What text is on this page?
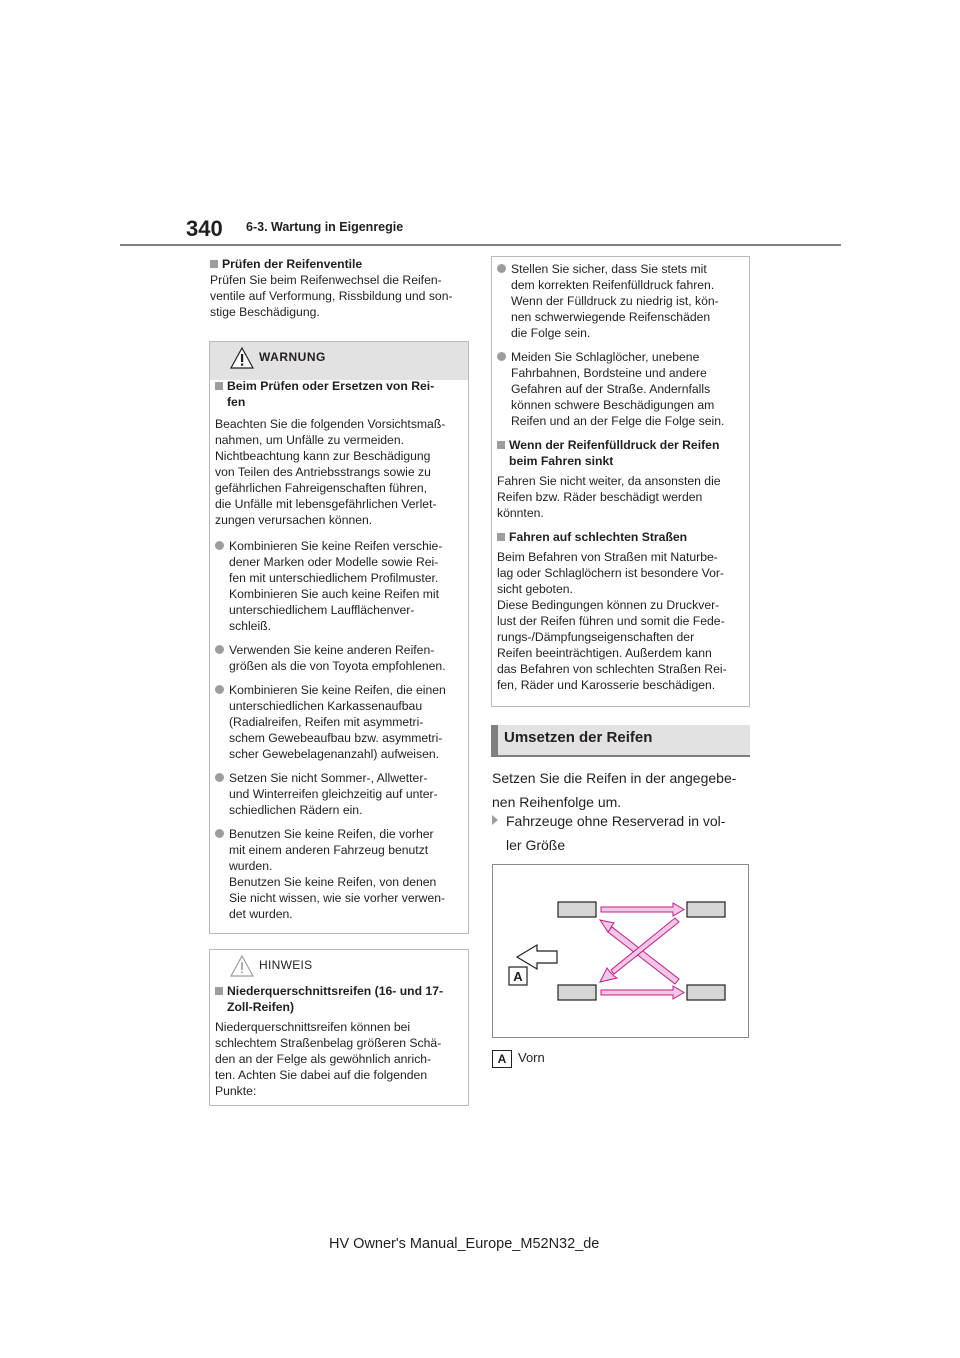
340 6-3. Wartung in Eigenregie
Prüfen der Reifenventile
Prüfen Sie beim Reifenwechsel die Reifen-
ventile auf Verformung, Rissbildung und son-
stige Beschädigung.
WARNUNG
Beim Prüfen oder Ersetzen von Rei-
fen
Beachten Sie die folgenden Vorsichtsmaß-
nahmen, um Unfälle zu vermeiden.
Nichtbeachtung kann zur Beschädigung
von Teilen des Antriebsstrangs sowie zu
gefährlichen Fahreigenschaften führen,
die Unfälle mit lebensgefährlichen Verlet-
zungen verursachen können.
Kombinieren Sie keine Reifen verschie-
dener Marken oder Modelle sowie Rei-
fen mit unterschiedlichem Profilmuster.
Kombinieren Sie auch keine Reifen mit
unterschiedlichem Laufflächenver-
schleiß.
Verwenden Sie keine anderen Reifen-
größen als die von Toyota empfohlenen.
Kombinieren Sie keine Reifen, die einen
unterschiedlichen Karkassenaufbau
(Radialreifen, Reifen mit asymmetri-
schem Gewebeaufbau bzw. asymmetri-
scher Gewebelagenanzahl) aufweisen.
Setzen Sie nicht Sommer-, Allwetter-
und Winterreifen gleichzeitig auf unter-
schiedlichen Rädern ein.
Benutzen Sie keine Reifen, die vorher
mit einem anderen Fahrzeug benutzt
wurden.
Benutzen Sie keine Reifen, von denen
Sie nicht wissen, wie sie vorher verwen-
det wurden.
HINWEIS
Niederquerschnittsreifen (16- und 17-
Zoll-Reifen)
Niederquerschnittsreifen können bei
schlechtem Straßenbelag größeren Schä-
den an der Felge als gewöhnlich anrich-
ten. Achten Sie dabei auf die folgenden
Punkte:
Stellen Sie sicher, dass Sie stets mit
dem korrekten Reifenfülldruck fahren.
Wenn der Fülldruck zu niedrig ist, kön-
nen schwerwiegende Reifenschäden
die Folge sein.
Meiden Sie Schlaglöcher, unebene
Fahrbahnen, Bordsteine und andere
Gefahren auf der Straße. Andernfalls
können schwere Beschädigungen am
Reifen und an der Felge die Folge sein.
Wenn der Reifenfülldruck der Reifen
beim Fahren sinkt
Fahren Sie nicht weiter, da ansonsten die
Reifen bzw. Räder beschädigt werden
könnten.
Fahren auf schlechten Straßen
Beim Befahren von Straßen mit Naturbe-
lag oder Schlaglöchern ist besondere Vor-
sicht geboten.
Diese Bedingungen können zu Druckver-
lust der Reifen führen und somit die Fede-
rungs-/Dämpfungseigenschaften der
Reifen beeinträchtigen. Außerdem kann
das Befahren von schlechten Straßen Rei-
fen, Räder und Karosserie beschädigen.
Umsetzen der Reifen
Setzen Sie die Reifen in der angegebe-
nen Reihenfolge um.
Fahrzeuge ohne Reserverad in vol-
ler Größe
A
A Vorn
HV Owner's Manual_Europe_M52N32_de
